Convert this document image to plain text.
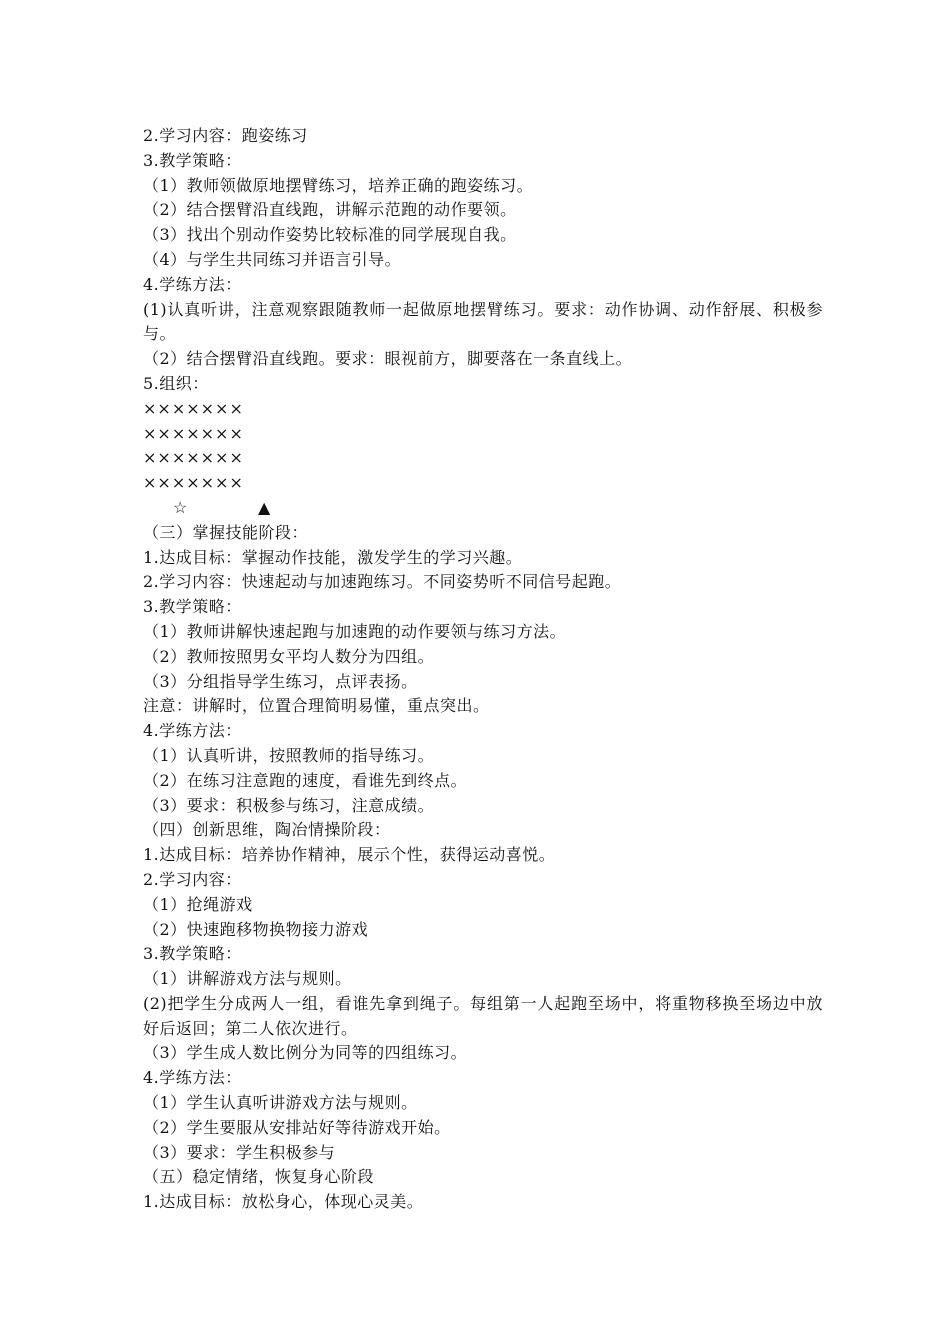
2.学习内容：跑姿练习
3.教学策略：
（1）教师领做原地摆臂练习，培养正确的跑姿练习。
（2）结合摆臂沿直线跑，讲解示范跑的动作要领。
（3）找出个别动作姿势比较标准的同学展现自我。
（4）与学生共同练习并语言引导。
4.学练方法：
(1)认真听讲，注意观察跟随教师一起做原地摆臂练习。要求：动作协调、动作舒展、积极参与。
（2）结合摆臂沿直线跑。要求：眼视前方，脚要落在一条直线上。
5.组织：
×××××××
×××××××
×××××××
×××××××
☆	▲
（三）掌握技能阶段：
1.达成目标：掌握动作技能，激发学生的学习兴趣。
2.学习内容：快速起动与加速跑练习。不同姿势听不同信号起跑。
3.教学策略：
（1）教师讲解快速起跑与加速跑的动作要领与练习方法。
（2）教师按照男女平均人数分为四组。
（3）分组指导学生练习，点评表扬。
注意：讲解时，位置合理简明易懂，重点突出。
4.学练方法：
（1）认真听讲，按照教师的指导练习。
（2）在练习注意跑的速度，看谁先到终点。
（3）要求：积极参与练习，注意成绩。
（四）创新思维，陶冶情操阶段：
1.达成目标：培养协作精神，展示个性，获得运动喜悦。
2.学习内容：
（1）抢绳游戏
（2）快速跑移物换物接力游戏
3.教学策略：
（1）讲解游戏方法与规则。
(2)把学生分成两人一组，看谁先拿到绳子。每组第一人起跑至场中，将重物移换至场边中放好后返回；第二人依次进行。
（3）学生成人数比例分为同等的四组练习。
4.学练方法：
（1）学生认真听讲游戏方法与规则。
（2）学生要服从安排站好等待游戏开始。
（3）要求：学生积极参与
（五）稳定情绪，恢复身心阶段
1.达成目标：放松身心，体现心灵美。
